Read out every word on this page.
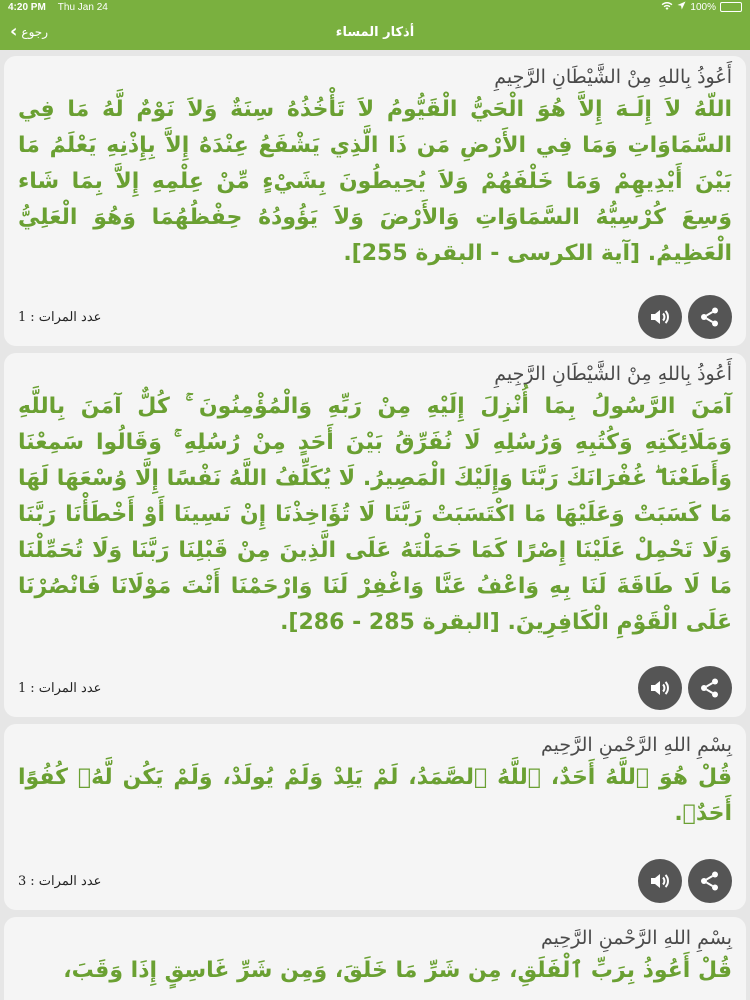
4:20 PM Thu Jan 24	100%
‹ رجوع	أذكار المساء
أَعُوذُ بِاللهِ مِنْ الشَّيْطَانِ الرَّجِيمِ
اللّهُ لاَ إِلَـهَ إِلاَّ هُوَ الْحَيُّ الْقَيُّومُ لاَ تَأْخُذُهُ سِنَةٌ وَلاَ نَوْمٌ لَّهُ مَا فِي السَّمَاوَاتِ وَمَا فِي الأَرْضِ مَن ذَا الَّذِي يَشْفَعُ عِنْدَهُ إِلاَّ بِإِذْنِهِ يَعْلَمُ مَا بَيْنَ أَيْدِيهِمْ وَمَا خَلْفَهُمْ وَلاَ يُحِيطُونَ بِشَيْءٍ مِّنْ عِلْمِهِ إِلاَّ بِمَا شَاء وَسِعَ كُرْسِيُّهُ السَّمَاوَاتِ وَالأَرْضَ وَلاَ يَؤُودُهُ حِفْظُهُمَا وَهُوَ الْعَلِيُّ الْعَظِيمُ. [آية الكرسى - البقرة 255].
عدد المرات :
1
أَعُوذُ بِاللهِ مِنْ الشَّيْطَانِ الرَّجِيمِ
آمَنَ الرَّسُولُ بِمَا أُنْزِلَ إِلَيْهِ مِنْ رَبِّهِ وَالْمُؤْمِنُونَ ۚ كُلٌّ آمَنَ بِاللَّهِ وَمَلَائِكَتِهِ وَكُتُبِهِ وَرُسُلِهِ لَا نُفَرِّقُ بَيْنَ أَحَدٍ مِنْ رُسُلِهِ ۚ وَقَالُوا سَمِعْنَا وَأَطَعْنَا ۖ غُفْرَانَكَ رَبَّنَا وَإِلَيْكَ الْمَصِيرُ. لَا يُكَلِّفُ اللَّهُ نَفْسًا إِلَّا وُسْعَهَا لَهَا مَا كَسَبَتْ وَعَلَيْهَا مَا اكْتَسَبَتْ رَبَّنَا لَا تُؤَاخِذْنَا إِنْ نَسِينَا أَوْ أَخْطَأْنَا رَبَّنَا وَلَا تَحْمِلْ عَلَيْنَا إِصْرًا كَمَا حَمَلْتَهُ عَلَى الَّذِينَ مِنْ قَبْلِنَا رَبَّنَا وَلَا تُحَمِّلْنَا مَا لَا طَاقَةَ لَنَا بِهِ وَاعْفُ عَنَّا وَاغْفِرْ لَنَا وَارْحَمْنَا أَنْتَ مَوْلَانَا فَانْصُرْنَا عَلَى الْقَوْمِ الْكَافِرِينَ. [البقرة 285 - 286].
عدد المرات :
1
بِسْمِ اللهِ الرَّحْمنِ الرَّحِيم
قُلْ هُوَ ٱللَّهُ أَحَدٌ، ٱللَّهُ ٱلصَّمَدُ، لَمْ يَلِدْ وَلَمْ يُولَدْ، وَلَمْ يَكُن لَّهُۥ كُفُوًا أَحَدٌۢ.
عدد المرات :
3
بِسْمِ اللهِ الرَّحْمنِ الرَّحِيم
قُلْ أَعُوذُ بِرَبِّ ٱلْفَلَقِ، مِن شَرِّ مَا خَلَقَ، وَمِن شَرِّ غَاسِقٍ إِذَا وَقَبَ،
